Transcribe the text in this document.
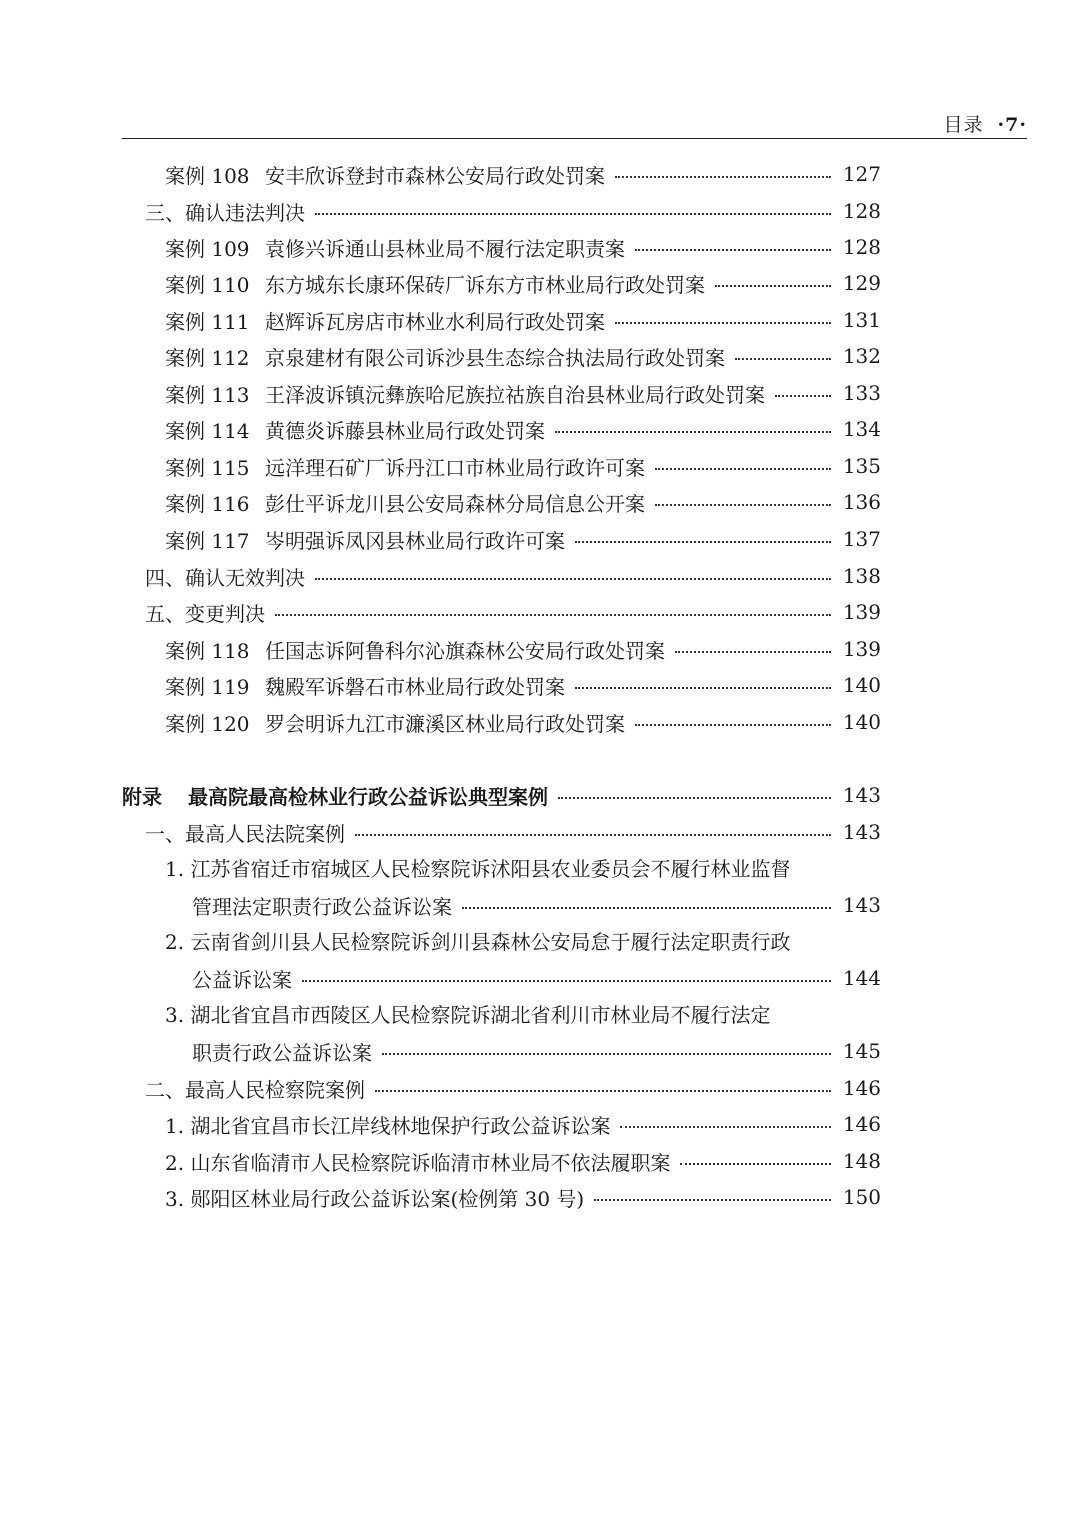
目录 ·7·
案例 108 安丰欣诉登封市森林公安局行政处罚案	127
三、确认违法判决	128
案例 109 袁修兴诉通山县林业局不履行法定职责案	128
案例 110 东方城东长康环保砖厂诉东方市林业局行政处罚案	129
案例 111 赵辉诉瓦房店市林业水利局行政处罚案	131
案例 112 京泉建材有限公司诉沙县生态综合执法局行政处罚案	132
案例 113 王泽波诉镇沅彝族哈尼族拉祜族自治县林业局行政处罚案	133
案例 114 黄德炎诉藤县林业局行政处罚案	134
案例 115 远洋理石矿厂诉丹江口市林业局行政许可案	135
案例 116 彭仕平诉龙川县公安局森林分局信息公开案	136
案例 117 岑明强诉凤冈县林业局行政许可案	137
四、确认无效判决	138
五、变更判决	139
案例 118 任国志诉阿鲁科尔沁旗森林公安局行政处罚案	139
案例 119 魏殿军诉磐石市林业局行政处罚案	140
案例 120 罗会明诉九江市濂溪区林业局行政处罚案	140
附录	最高院最高检林业行政公益诉讼典型案例	143
一、最高人民法院案例	143
1. 江苏省宿迁市宿城区人民检察院诉沭阳县农业委员会不履行林业监督
管理法定职责行政公益诉讼案	143
2. 云南省剑川县人民检察院诉剑川县森林公安局怠于履行法定职责行政
公益诉讼案	144
3. 湖北省宜昌市西陵区人民检察院诉湖北省利川市林业局不履行法定
职责行政公益诉讼案	145
二、最高人民检察院案例	146
1. 湖北省宜昌市长江岸线林地保护行政公益诉讼案	146
2. 山东省临清市人民检察院诉临清市林业局不依法履职案	148
3. 郧阳区林业局行政公益诉讼案(检例第 30 号)	150
